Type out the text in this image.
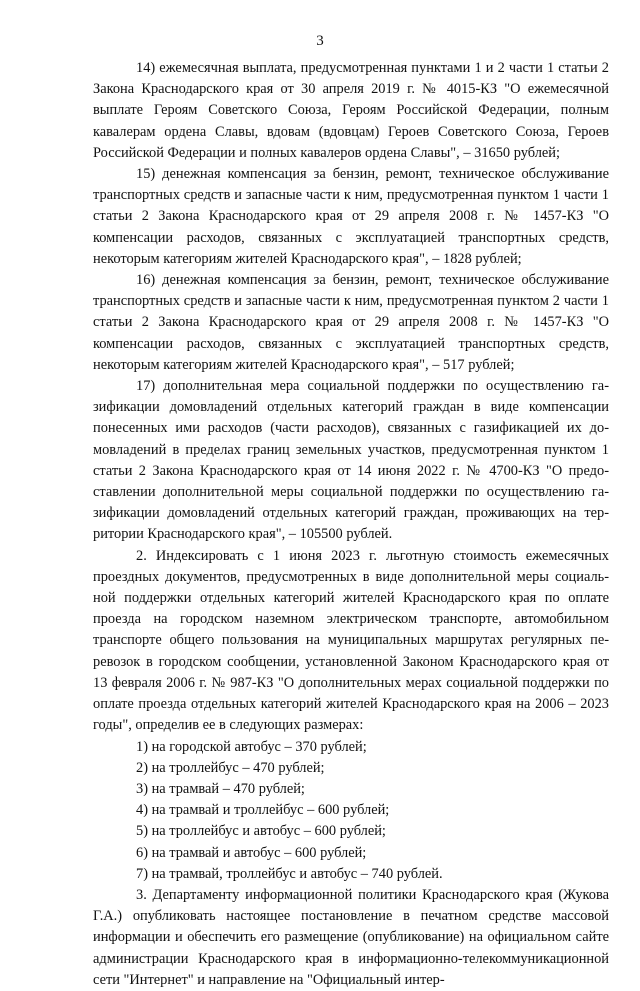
3

14) ежемесячная выплата, предусмотренная пунктами 1 и 2 части 1 статьи 2 Закона Краснодарского края от 30 апреля 2019 г. № 4015-КЗ "О ежемесячной выплате Героям Советского Союза, Героям Российской Федерации, полным кавалерам ордена Славы, вдовам (вдовцам) Героев Советского Союза, Героев Российской Федерации и полных кавалеров ордена Славы", – 31650 рублей;

15) денежная компенсация за бензин, ремонт, техническое обслуживание транспортных средств и запасные части к ним, предусмотренная пунктом 1 части 1 статьи 2 Закона Краснодарского края от 29 апреля 2008 г. № 1457-КЗ "О компенсации расходов, связанных с эксплуатацией транспортных средств, некоторым категориям жителей Краснодарского края", – 1828 рублей;

16) денежная компенсация за бензин, ремонт, техническое обслуживание транспортных средств и запасные части к ним, предусмотренная пунктом 2 части 1 статьи 2 Закона Краснодарского края от 29 апреля 2008 г. № 1457-КЗ "О компенсации расходов, связанных с эксплуатацией транспортных средств, некоторым категориям жителей Краснодарского края", – 517 рублей;

17) дополнительная мера социальной поддержки по осуществлению газификации домовладений отдельных категорий граждан в виде компенсации понесенных ими расходов (части расходов), связанных с газификацией их домовладений в пределах границ земельных участков, предусмотренная пунктом 1 статьи 2 Закона Краснодарского края от 14 июня 2022 г. № 4700-КЗ "О предоставлении дополнительной меры социальной поддержки по осуществлению газификации домовладений отдельных категорий граждан, проживающих на территории Краснодарского края", – 105500 рублей.

2. Индексировать с 1 июня 2023 г. льготную стоимость ежемесячных проездных документов, предусмотренных в виде дополнительной меры социальной поддержки отдельных категорий жителей Краснодарского края по оплате проезда на городском наземном электрическом транспорте, автомобильном транспорте общего пользования на муниципальных маршрутах регулярных перевозок в городском сообщении, установленной Законом Краснодарского края от 13 февраля 2006 г. № 987-КЗ "О дополнительных мерах социальной поддержки по оплате проезда отдельных категорий жителей Краснодарского края на 2006 – 2023 годы", определив ее в следующих размерах:

1) на городской автобус – 370 рублей;
2) на троллейбус – 470 рублей;
3) на трамвай – 470 рублей;
4) на трамвай и троллейбус – 600 рублей;
5) на троллейбус и автобус – 600 рублей;
6) на трамвай и автобус – 600 рублей;
7) на трамвай, троллейбус и автобус – 740 рублей.

3. Департаменту информационной политики Краснодарского края (Жукова Г.А.) опубликовать настоящее постановление в печатном средстве массовой информации и обеспечить его размещение (опубликование) на официальном сайте администрации Краснодарского края в информационно-телекоммуникационной сети "Интернет" и направление на "Официальный интер-
